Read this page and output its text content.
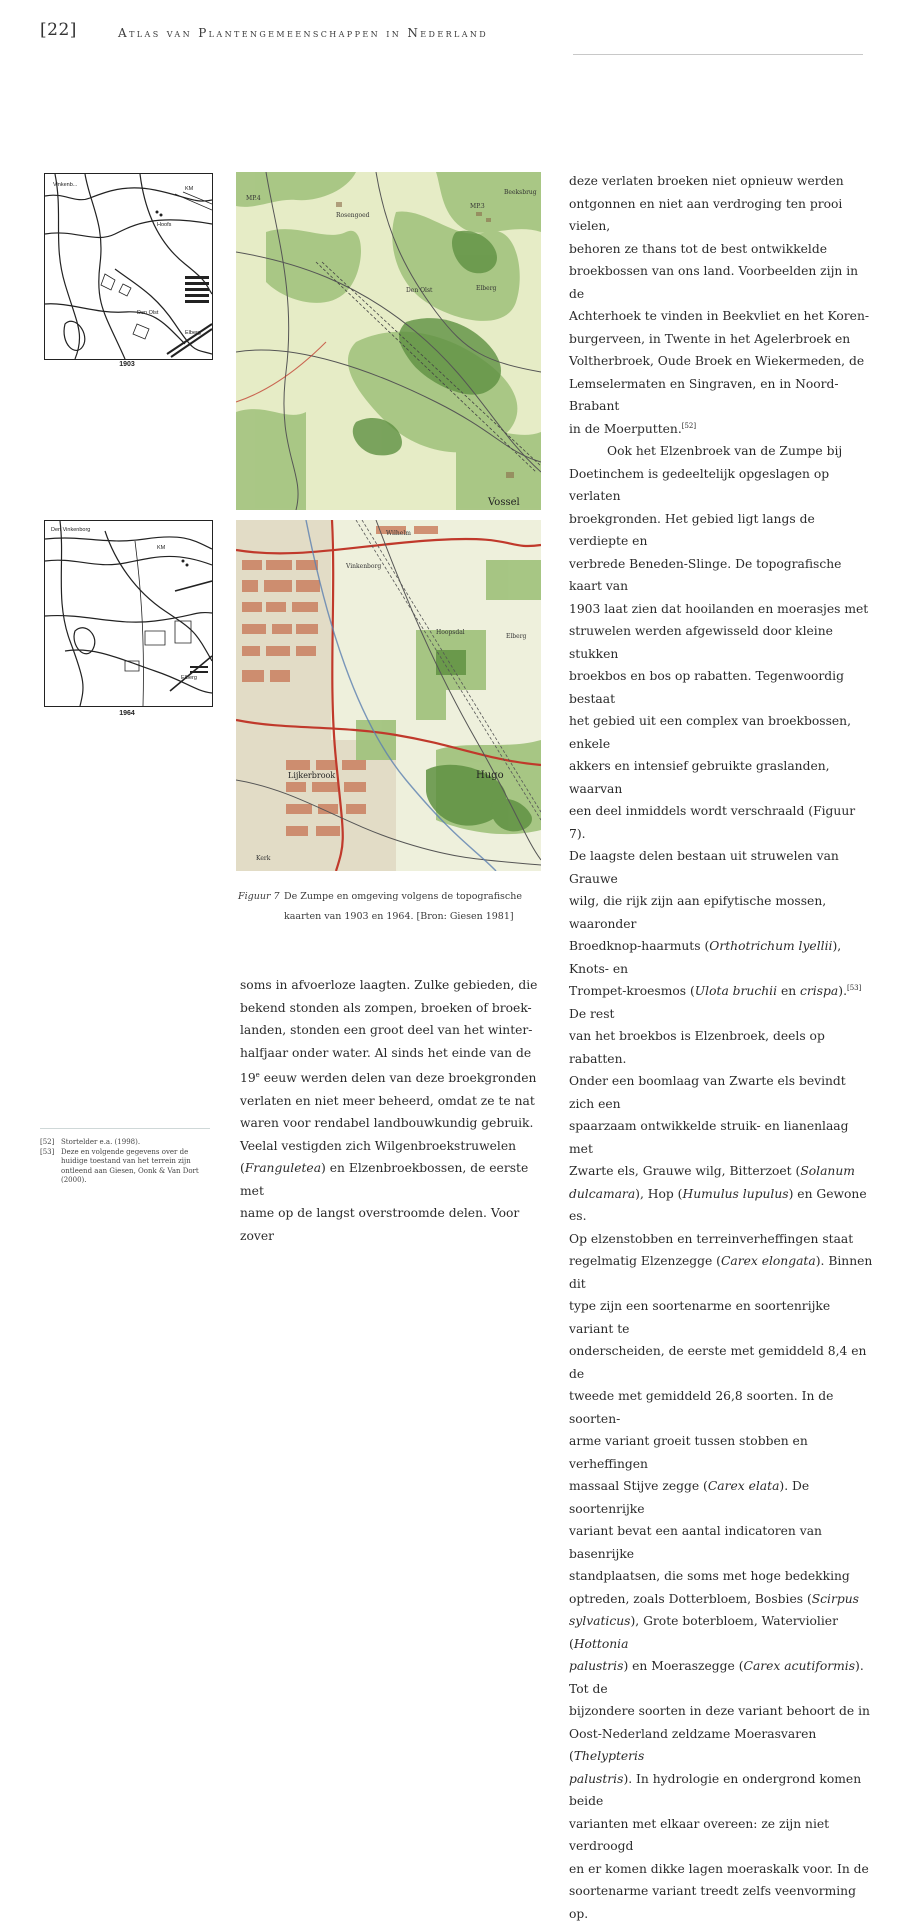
[22]	Atlas van Plantengemeenschappen in Nederland
Vinkenb...
KM
Hoofs
Den Olst
Elberg
1903
Den Vinkenborg
KM
Elberg
1964
Vossel
Den Olst	Elberg
Rosengoed
Beeksbrug
MP.4
MP.3
Wilhelm
Vinkenborg
Elberg
Lijkerbrook
Hoopsdal
Hugo
Kerk
Figuur 7 De Zumpe en omgeving volgens de topografische
kaarten van 1903 en 1964. [Bron: Giesen 1981]
soms in afvoerloze laagten. Zulke gebieden, die
bekend stonden als zompen, broeken of broek-
landen, stonden een groot deel van het winter-
halfjaar onder water. Al sinds het einde van de
19e eeuw werden delen van deze broekgronden
verlaten en niet meer beheerd, omdat ze te nat
waren voor rendabel landbouwkundig gebruik.
Veelal vestigden zich Wilgenbroekstruwelen
(Franguletea) en Elzenbroekbossen, de eerste met
name op de langst overstroomde delen. Voor zover
[52] Stortelder e.a. (1998).
[53] Deze en volgende gegevens over de
huidige toestand van het terrein zijn
ontleend aan Giesen, Oonk & Van Dort
(2000).
deze verlaten broeken niet opnieuw werden
ontgonnen en niet aan verdroging ten prooi vielen,
behoren ze thans tot de best ontwikkelde
broekbossen van ons land. Voorbeelden zijn in de
Achterhoek te vinden in Beekvliet en het Koren-
burgerveen, in Twente in het Agelerbroek en
Voltherbroek, Oude Broek en Wiekermeden, de
Lemselermaten en Singraven, en in Noord-Brabant
in de Moerputten.[52]
Ook het Elzenbroek van de Zumpe bij
Doetinchem is gedeeltelijk opgeslagen op verlaten
broekgronden. Het gebied ligt langs de verdiepte en
verbrede Beneden-Slinge. De topografische kaart van
1903 laat zien dat hooilanden en moerasjes met
struwelen werden afgewisseld door kleine stukken
broekbos en bos op rabatten. Tegenwoordig bestaat
het gebied uit een complex van broekbossen, enkele
akkers en intensief gebruikte graslanden, waarvan
een deel inmiddels wordt verschraald (Figuur 7).
De laagste delen bestaan uit struwelen van Grauwe
wilg, die rijk zijn aan epifytische mossen, waaronder
Broedknop-haarmuts (Orthotrichum lyellii), Knots- en
Trompet-kroesmos (Ulota bruchii en crispa).[53] De rest
van het broekbos is Elzenbroek, deels op rabatten.
Onder een boomlaag van Zwarte els bevindt zich een
spaarzaam ontwikkelde struik- en lianenlaag met
Zwarte els, Grauwe wilg, Bitterzoet (Solanum
dulcamara), Hop (Humulus lupulus) en Gewone es.
Op elzenstobben en terreinverheffingen staat
regelmatig Elzenzegge (Carex elongata). Binnen dit
type zijn een soortenarme en soortenrijke variant te
onderscheiden, de eerste met gemiddeld 8,4 en de
tweede met gemiddeld 26,8 soorten. In de soorten-
arme variant groeit tussen stobben en verheffingen
massaal Stijve zegge (Carex elata). De soortenrijke
variant bevat een aantal indicatoren van basenrijke
standplaatsen, die soms met hoge bedekking
optreden, zoals Dotterbloem, Bosbies (Scirpus
sylvaticus), Grote boterbloem, Waterviolier (Hottonia
palustris) en Moeraszegge (Carex acutiformis). Tot de
bijzondere soorten in deze variant behoort de in
Oost-Nederland zeldzame Moerasvaren (Thelypteris
palustris). In hydrologie en ondergrond komen beide
varianten met elkaar overeen: ze zijn niet verdroogd
en er komen dikke lagen moeraskalk voor. In de
soortenarme variant treedt zelfs veenvorming op.
